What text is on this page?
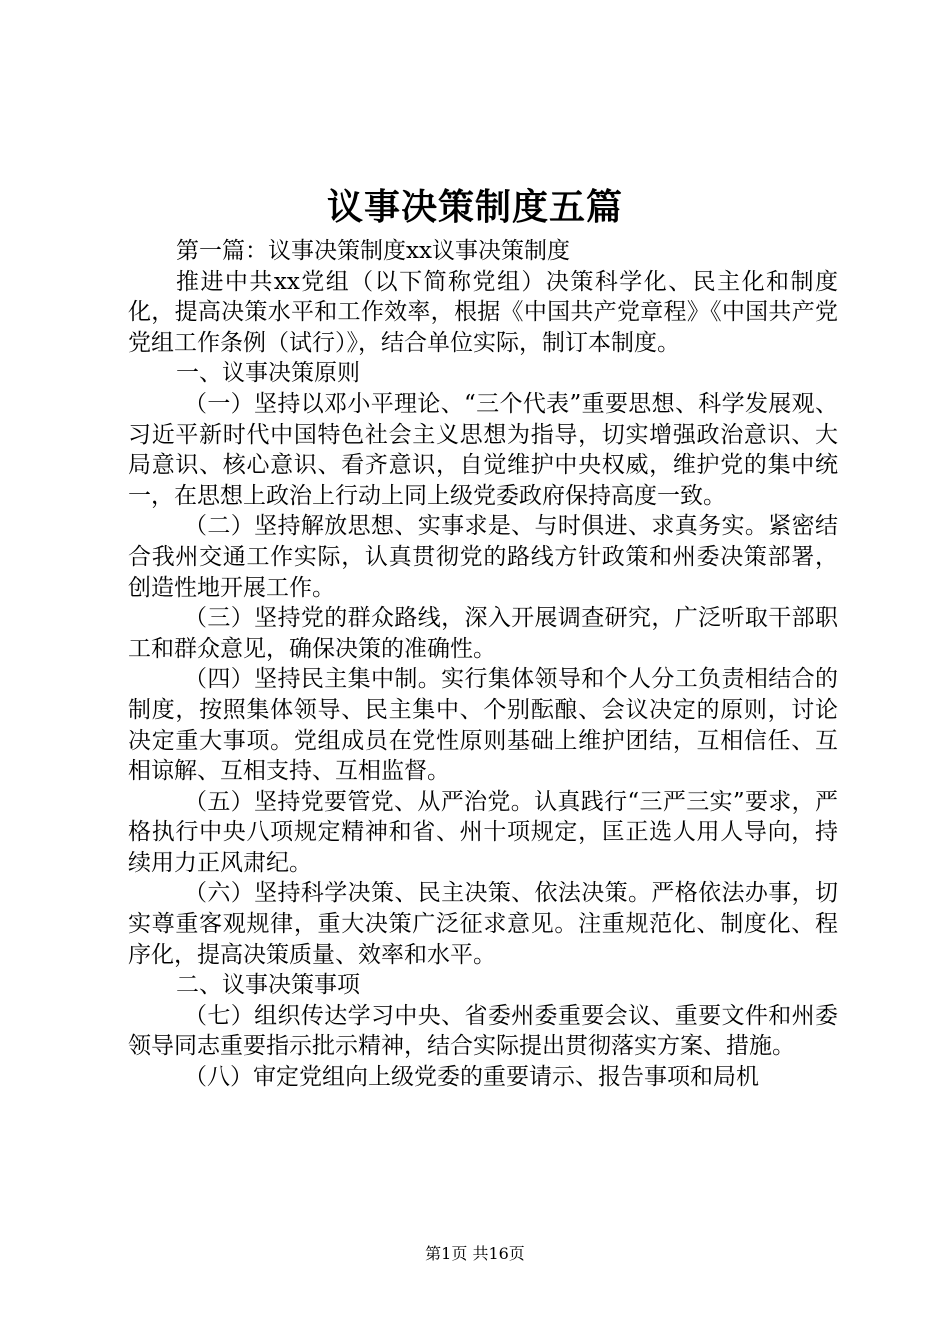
议事决策制度五篇

第一篇：议事决策制度xx议事决策制度

推进中共xx党组（以下简称党组）决策科学化、民主化和制度化，提高决策水平和工作效率，根据《中国共产党章程》《中国共产党党组工作条例（试行）》，结合单位实际，制订本制度。

一、议事决策原则

（一）坚持以邓小平理论、“三个代表”重要思想、科学发展观、习近平新时代中国特色社会主义思想为指导，切实增强政治意识、大局意识、核心意识、看齐意识，自觉维护中央权威，维护党的集中统一，在思想上政治上行动上同上级党委政府保持高度一致。

（二）坚持解放思想、实事求是、与时俱进、求真务实。紧密结合我州交通工作实际，认真贯彻党的路线方针政策和州委决策部署，创造性地开展工作。

（三）坚持党的群众路线，深入开展调查研究，广泛听取干部职工和群众意见，确保决策的准确性。

（四）坚持民主集中制。实行集体领导和个人分工负责相结合的制度，按照集体领导、民主集中、个别酝酿、会议决定的原则，讨论决定重大事项。党组成员在党性原则基础上维护团结，互相信任、互相谅解、互相支持、互相监督。

（五）坚持党要管党、从严治党。认真践行“三严三实”要求，严格执行中央八项规定精神和省、州十项规定，匡正选人用人导向，持续用力正风肃纪。

（六）坚持科学决策、民主决策、依法决策。严格依法办事，切实尊重客观规律，重大决策广泛征求意见。注重规范化、制度化、程序化，提高决策质量、效率和水平。

二、议事决策事项

（七）组织传达学习中央、省委州委重要会议、重要文件和州委领导同志重要指示批示精神，结合实际提出贯彻落实方案、措施。

（八）审定党组向上级党委的重要请示、报告事项和局机

第1页 共16页
